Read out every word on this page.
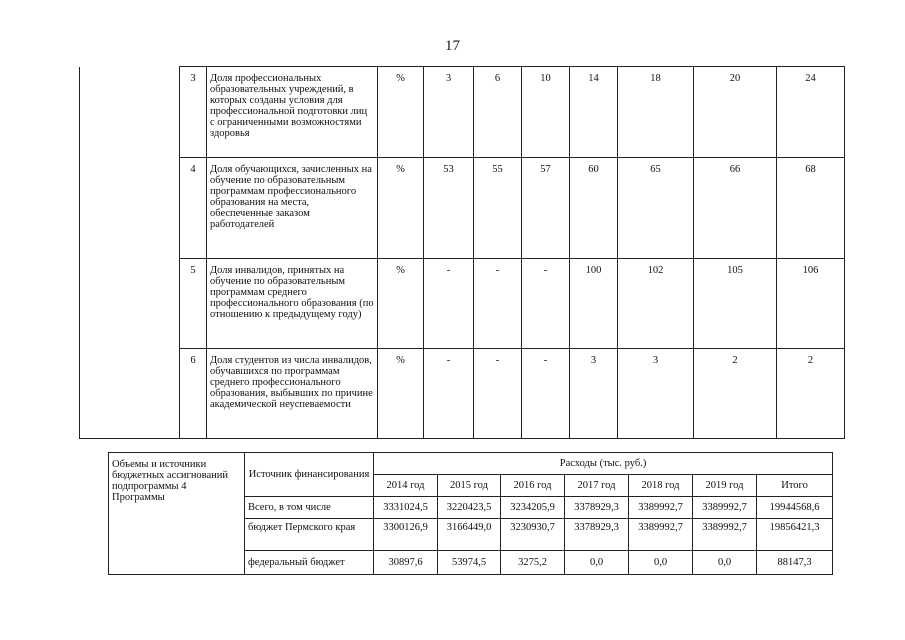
17
	3	Доля профессиональных образовательных учреждений, в которых созданы условия для профессиональной подготовки лиц с ограниченными возможностями здоровья	%	3	6	10	14	18	20	24
	4	Доля обучающихся, зачисленных на обучение по образовательным программам профессионального образования на места, обеспеченные заказом работодателей	%	53	55	57	60	65	66	68
	5	Доля инвалидов, принятых на обучение по образовательным программам среднего профессионального образования (по отношению к предыдущему году)	%	-	-	-	100	102	105	106
	6	Доля студентов из числа инвалидов, обучавшихся по программам среднего профессионального образования, выбывших по причине академической неуспеваемости	%	-	-	-	3	3	2	2
Объемы и источники бюджетных ассигнований подпрограммы 4 Программы	Источник финансирования	Расходы (тыс. руб.)						
		2014 год	2015 год	2016 год	2017 год	2018 год	2019 год	Итого
	Всего, в том числе	3331024,5	3220423,5	3234205,9	3378929,3	3389992,7	3389992,7	19944568,6
	бюджет Пермского края	3300126,9	3166449,0	3230930,7	3378929,3	3389992,7	3389992,7	19856421,3
	федеральный бюджет	30897,6	53974,5	3275,2	0,0	0,0	0,0	88147,3
